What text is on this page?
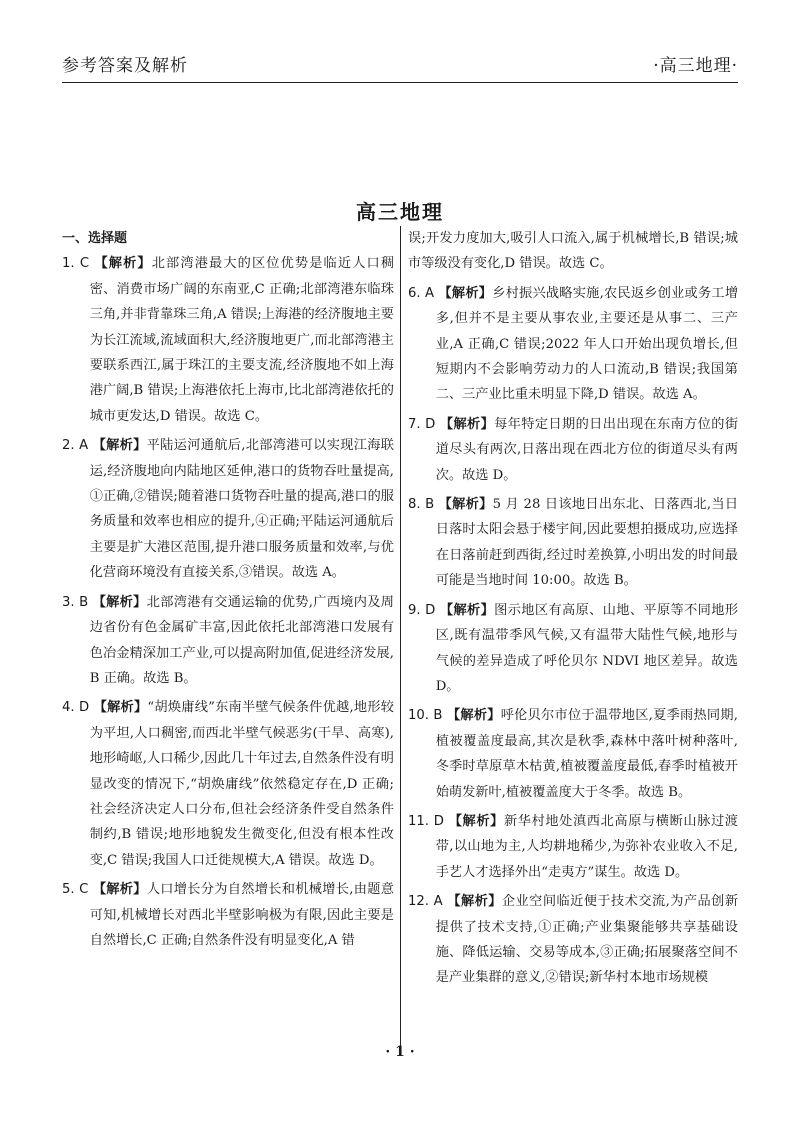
参考答案及解析	·高三地理·
高三地理

一、选择题

1. C 【解析】北部湾港最大的区位优势是临近人口稠密、消费市场广阔的东南亚,C 正确;北部湾港东临珠三角,并非背靠珠三角,A 错误;上海港的经济腹地主要为长江流域,流域面积大,经济腹地更广,而北部湾港主要联系西江,属于珠江的主要支流,经济腹地不如上海港广阔,B 错误;上海港依托上海市,比北部湾港依托的城市更发达,D 错误。故选 C。

2. A 【解析】平陆运河通航后,北部湾港可以实现江海联运,经济腹地向内陆地区延伸,港口的货物吞吐量提高,①正确,②错误;随着港口货物吞吐量的提高,港口的服务质量和效率也相应的提升,④正确;平陆运河通航后主要是扩大港区范围,提升港口服务质量和效率,与优化营商环境没有直接关系,③错误。故选 A。

3. B 【解析】北部湾港有交通运输的优势,广西境内及周边省份有色金属矿丰富,因此依托北部湾港口发展有色冶金精深加工产业,可以提高附加值,促进经济发展,B 正确。故选 B。

4. D 【解析】“胡焕庸线”东南半壁气候条件优越,地形较为平坦,人口稠密,而西北半壁气候恶劣(干旱、高寒),地形崎岖,人口稀少,因此几十年过去,自然条件没有明显改变的情况下,“胡焕庸线”依然稳定存在,D 正确;社会经济决定人口分布,但社会经济条件受自然条件制约,B 错误;地形地貌发生微变化,但没有根本性改变,C 错误;我国人口迁徙规模大,A 错误。故选 D。

5. C 【解析】人口增长分为自然增长和机械增长,由题意可知,机械增长对西北半壁影响极为有限,因此主要是自然增长,C 正确;自然条件没有明显变化,A 错

误;开发力度加大,吸引人口流入,属于机械增长,B 错误;城市等级没有变化,D 错误。故选 C。

6. A 【解析】乡村振兴战略实施,农民返乡创业或务工增多,但并不是主要从事农业,主要还是从事二、三产业,A 正确,C 错误;2022 年人口开始出现负增长,但短期内不会影响劳动力的人口流动,B 错误;我国第二、三产业比重未明显下降,D 错误。故选 A。

7. D 【解析】每年特定日期的日出出现在东南方位的街道尽头有两次,日落出现在西北方位的街道尽头有两次。故选 D。

8. B 【解析】5 月 28 日该地日出东北、日落西北,当日日落时太阳会悬于楼宇间,因此要想拍摄成功,应选择在日落前赶到西街,经过时差换算,小明出发的时间最可能是当地时间 10:00。故选 B。

9. D 【解析】图示地区有高原、山地、平原等不同地形区,既有温带季风气候,又有温带大陆性气候,地形与气候的差异造成了呼伦贝尔 NDVI 地区差异。故选 D。

10. B 【解析】呼伦贝尔市位于温带地区,夏季雨热同期,植被覆盖度最高,其次是秋季,森林中落叶树种落叶,冬季时草原草木枯黄,植被覆盖度最低,春季时植被开始萌发新叶,植被覆盖度大于冬季。故选 B。

11. D 【解析】新华村地处滇西北高原与横断山脉过渡带,以山地为主,人均耕地稀少,为弥补农业收入不足,手艺人才选择外出“走夷方”谋生。故选 D。

12. A 【解析】企业空间临近便于技术交流,为产品创新提供了技术支持,①正确;产业集聚能够共享基础设施、降低运输、交易等成本,③正确;拓展聚落空间不是产业集群的意义,②错误;新华村本地市场规模

· 1 ·
